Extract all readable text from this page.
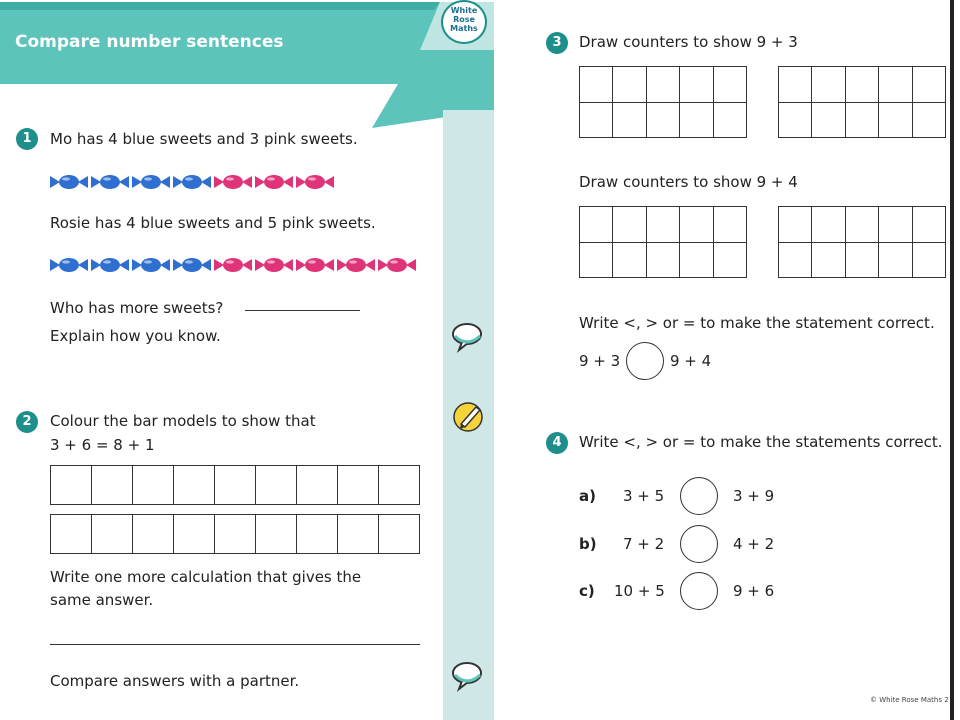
Compare number sentences
White
Rose
Maths
1	Mo has 4 blue sweets and 3 pink sweets.
Rosie has 4 blue sweets and 5 pink sweets.
Who has more sweets?
Explain how you know.
2	Colour the bar models to show that
3 + 6 = 8 + 1

Write one more calculation that gives the
same answer.
Compare answers with a partner.
3	Draw counters to show 9 + 3

Draw counters to show 9 + 4

Write <, > or = to make the statement correct.
9 + 3	9 + 4
4	Write <, > or = to make the statements correct.
a) 3 + 5	3 + 9
b) 7 + 2	4 + 2
c) 10 + 5	9 + 6
© White Rose Maths 2
